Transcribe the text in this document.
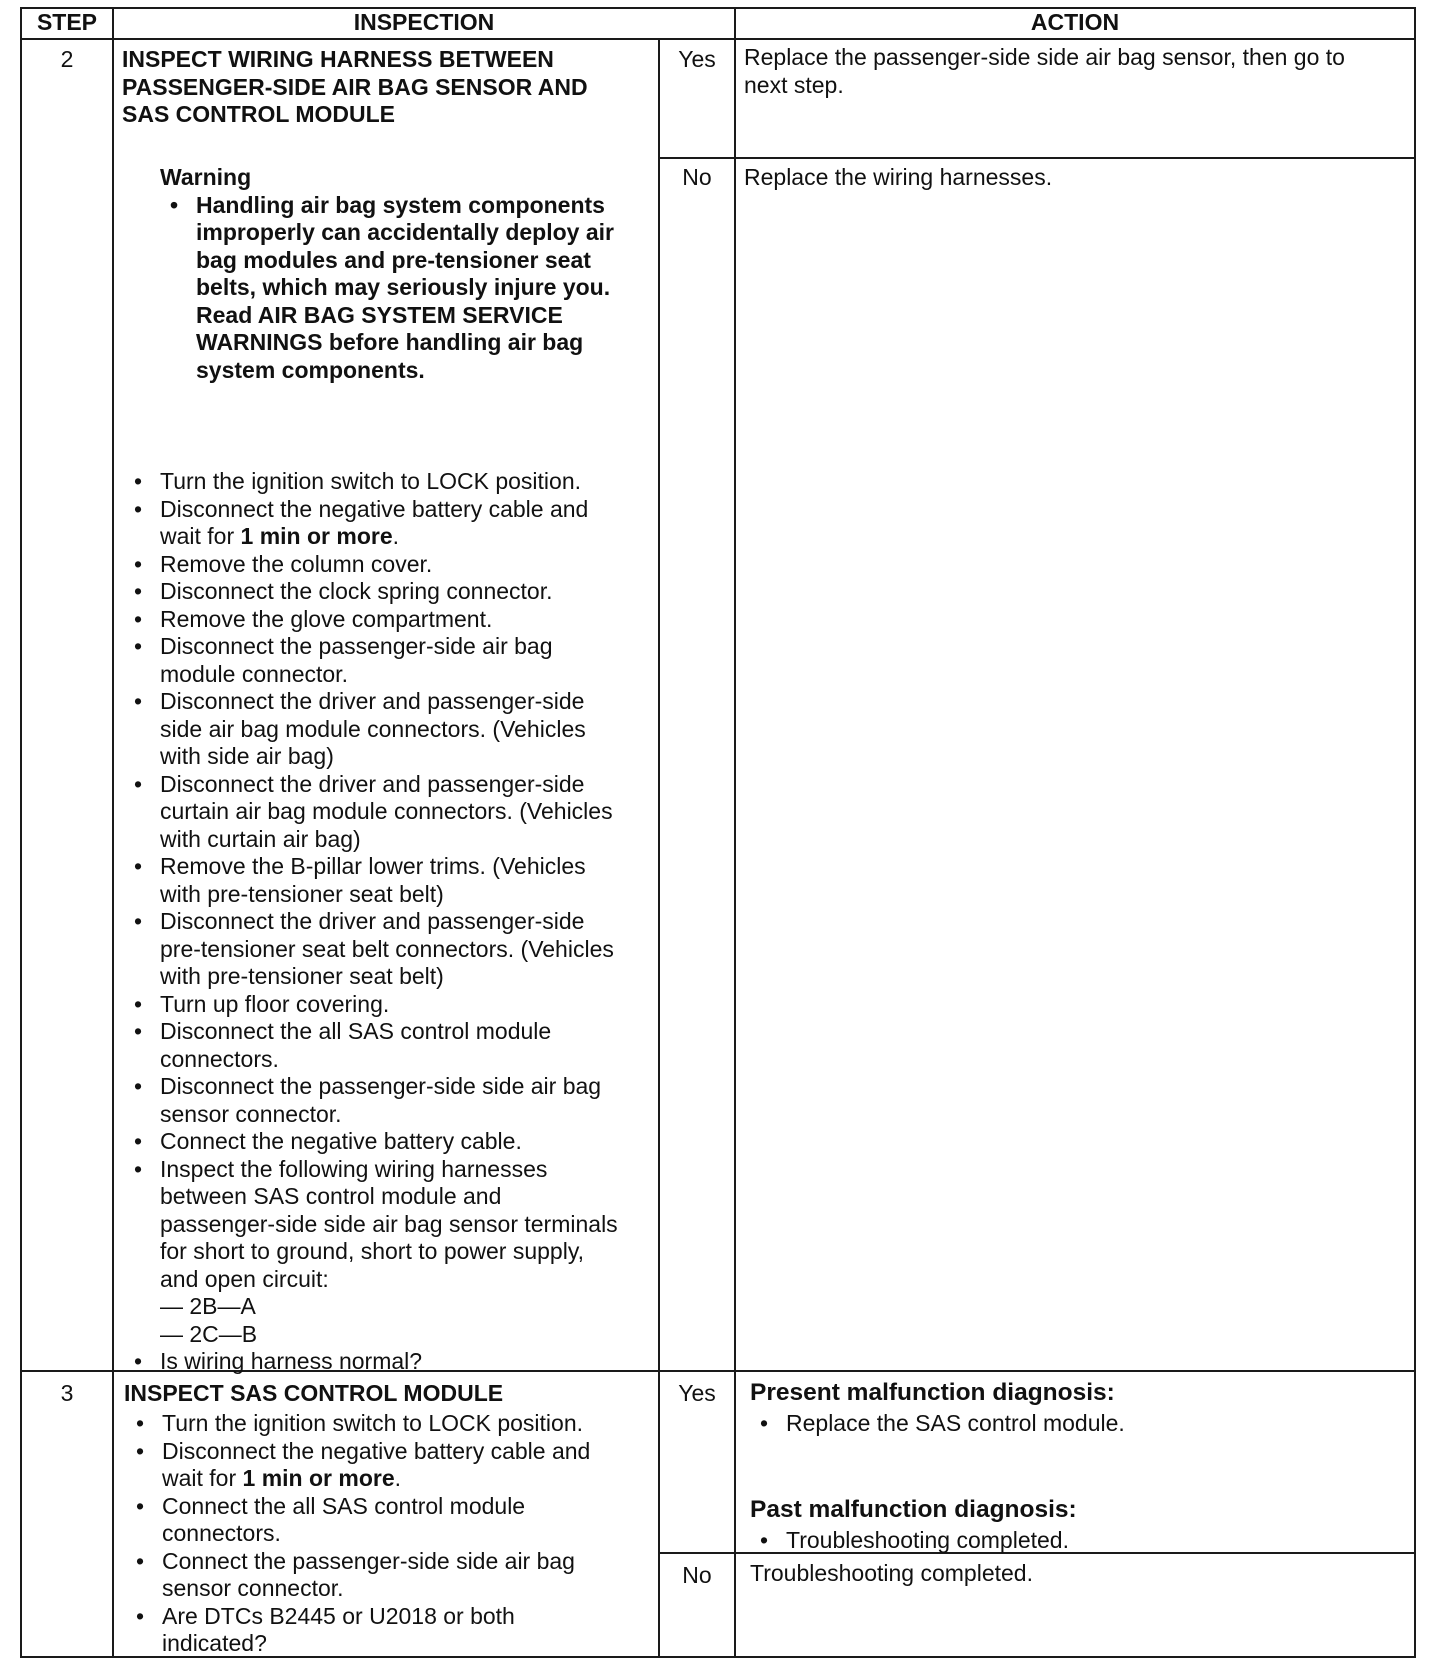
STEP	INSPECTION	ACTION
2	INSPECT WIRING HARNESS BETWEEN
PASSENGER-SIDE AIR BAG SENSOR AND
SAS CONTROL MODULE
Warning
• Handling air bag system components
improperly can accidentally deploy air
bag modules and pre-tensioner seat
belts, which may seriously injure you.
Read AIR BAG SYSTEM SERVICE
WARNINGS before handling air bag
system components.
• Turn the ignition switch to LOCK position.
• Disconnect the negative battery cable and
wait for 1 min or more.
• Remove the column cover.
• Disconnect the clock spring connector.
• Remove the glove compartment.
• Disconnect the passenger-side air bag
module connector.
• Disconnect the driver and passenger-side
side air bag module connectors. (Vehicles
with side air bag)
• Disconnect the driver and passenger-side
curtain air bag module connectors. (Vehicles
with curtain air bag)
• Remove the B-pillar lower trims. (Vehicles
with pre-tensioner seat belt)
• Disconnect the driver and passenger-side
pre-tensioner seat belt connectors. (Vehicles
with pre-tensioner seat belt)
• Turn up floor covering.
• Disconnect the all SAS control module
connectors.
• Disconnect the passenger-side side air bag
sensor connector.
• Connect the negative battery cable.
• Inspect the following wiring harnesses
between SAS control module and
passenger-side side air bag sensor terminals
for short to ground, short to power supply,
and open circuit:
— 2B—A
— 2C—B
• Is wiring harness normal?
Yes	Replace the passenger-side side air bag sensor, then go to
next step.
No	Replace the wiring harnesses.
3	INSPECT SAS CONTROL MODULE
• Turn the ignition switch to LOCK position.
• Disconnect the negative battery cable and
wait for 1 min or more.
• Connect the all SAS control module
connectors.
• Connect the passenger-side side air bag
sensor connector.
• Are DTCs B2445 or U2018 or both
indicated?
Yes	Present malfunction diagnosis:
• Replace the SAS control module.
Past malfunction diagnosis:
• Troubleshooting completed.
No	Troubleshooting completed.
